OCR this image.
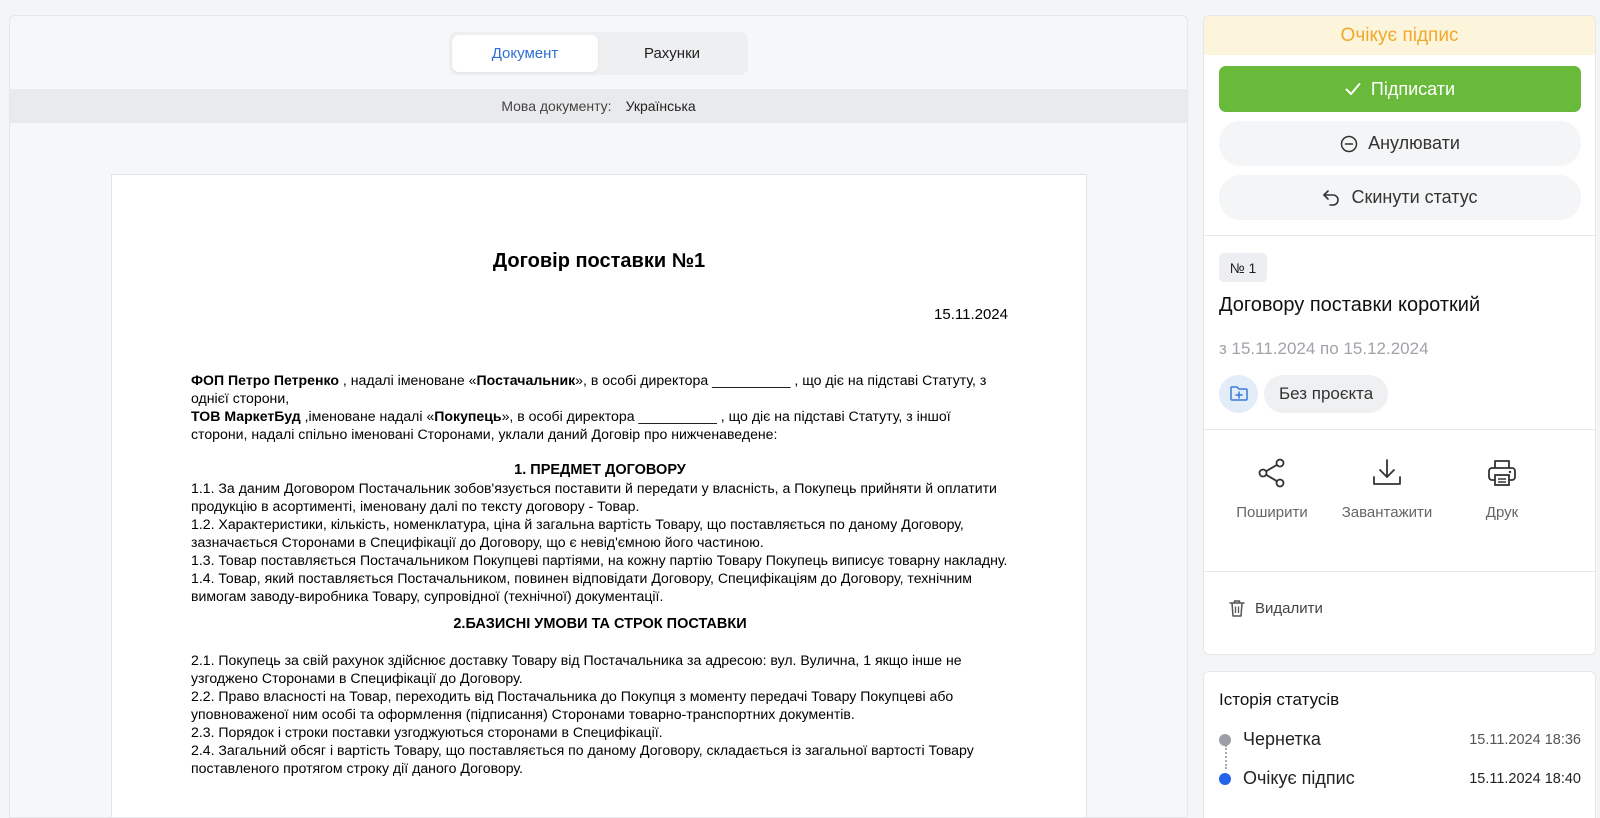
Документ	Рахунки
Мова документу: Українська
Договір поставки №1
15.11.2024

ФОП Петро Петренко , надалі іменоване «Постачальник», в особі директора __________ , що діє на підставі Статуту, з однієї сторони,

ТОВ МаркетБуд ,іменоване надалі «Покупець», в особі директора __________ , що діє на підставі Статуту, з іншої сторони, надалі спільно іменовані Сторонами, уклали даний Договір про нижченаведене:

1. ПРЕДМЕТ ДОГОВОРУ

1.1. За даним Договором Постачальник зобов'язується поставити й передати у власність, а Покупець прийняти й оплатити продукцію в асортименті, іменовану далі по тексту договору - Товар.

1.2. Характеристики, кількість, номенклатура, ціна й загальна вартість Товару, що поставляється по даному Договору, зазначається Сторонами в Специфікації до Договору, що є невід'ємною його частиною.

1.3. Товар поставляється Постачальником Покупцеві партіями, на кожну партію Товару Покупець виписує товарну накладну.

1.4. Товар, який поставляється Постачальником, повинен відповідати Договору, Специфікаціям до Договору, технічним вимогам заводу-виробника Товару, супровідної (технічної) документації.

2.БАЗИСНІ УМОВИ ТА СТРОК ПОСТАВКИ

2.1. Покупець за свій рахунок здійснює доставку Товару від Постачальника за адресою: вул. Вулична, 1 якщо інше не узгоджено Сторонами в Специфікації до Договору.

2.2. Право власності на Товар, переходить від Постачальника до Покупця з моменту передачі Товару Покупцеві або уповноваженої ним особі та оформлення (підписання) Сторонами товарно-транспортних документів.

2.3. Порядок і строки поставки узгоджуються сторонами в Специфікації.

2.4. Загальний обсяг і вартість Товару, що поставляється по даному Договору, складається із загальної вартості Товару поставленого протягом строку дії даного Договору.

Очікує підпис
Підписати
Анулювати
Скинути статус
№ 1
Договору поставки короткий
з 15.11.2024 по 15.12.2024
Без проєкта
Поширити Завантажити	Друк
Видалити
Історія статусів
Чернетка	15.11.2024 18:36
Очікує підпис	15.11.2024 18:40
